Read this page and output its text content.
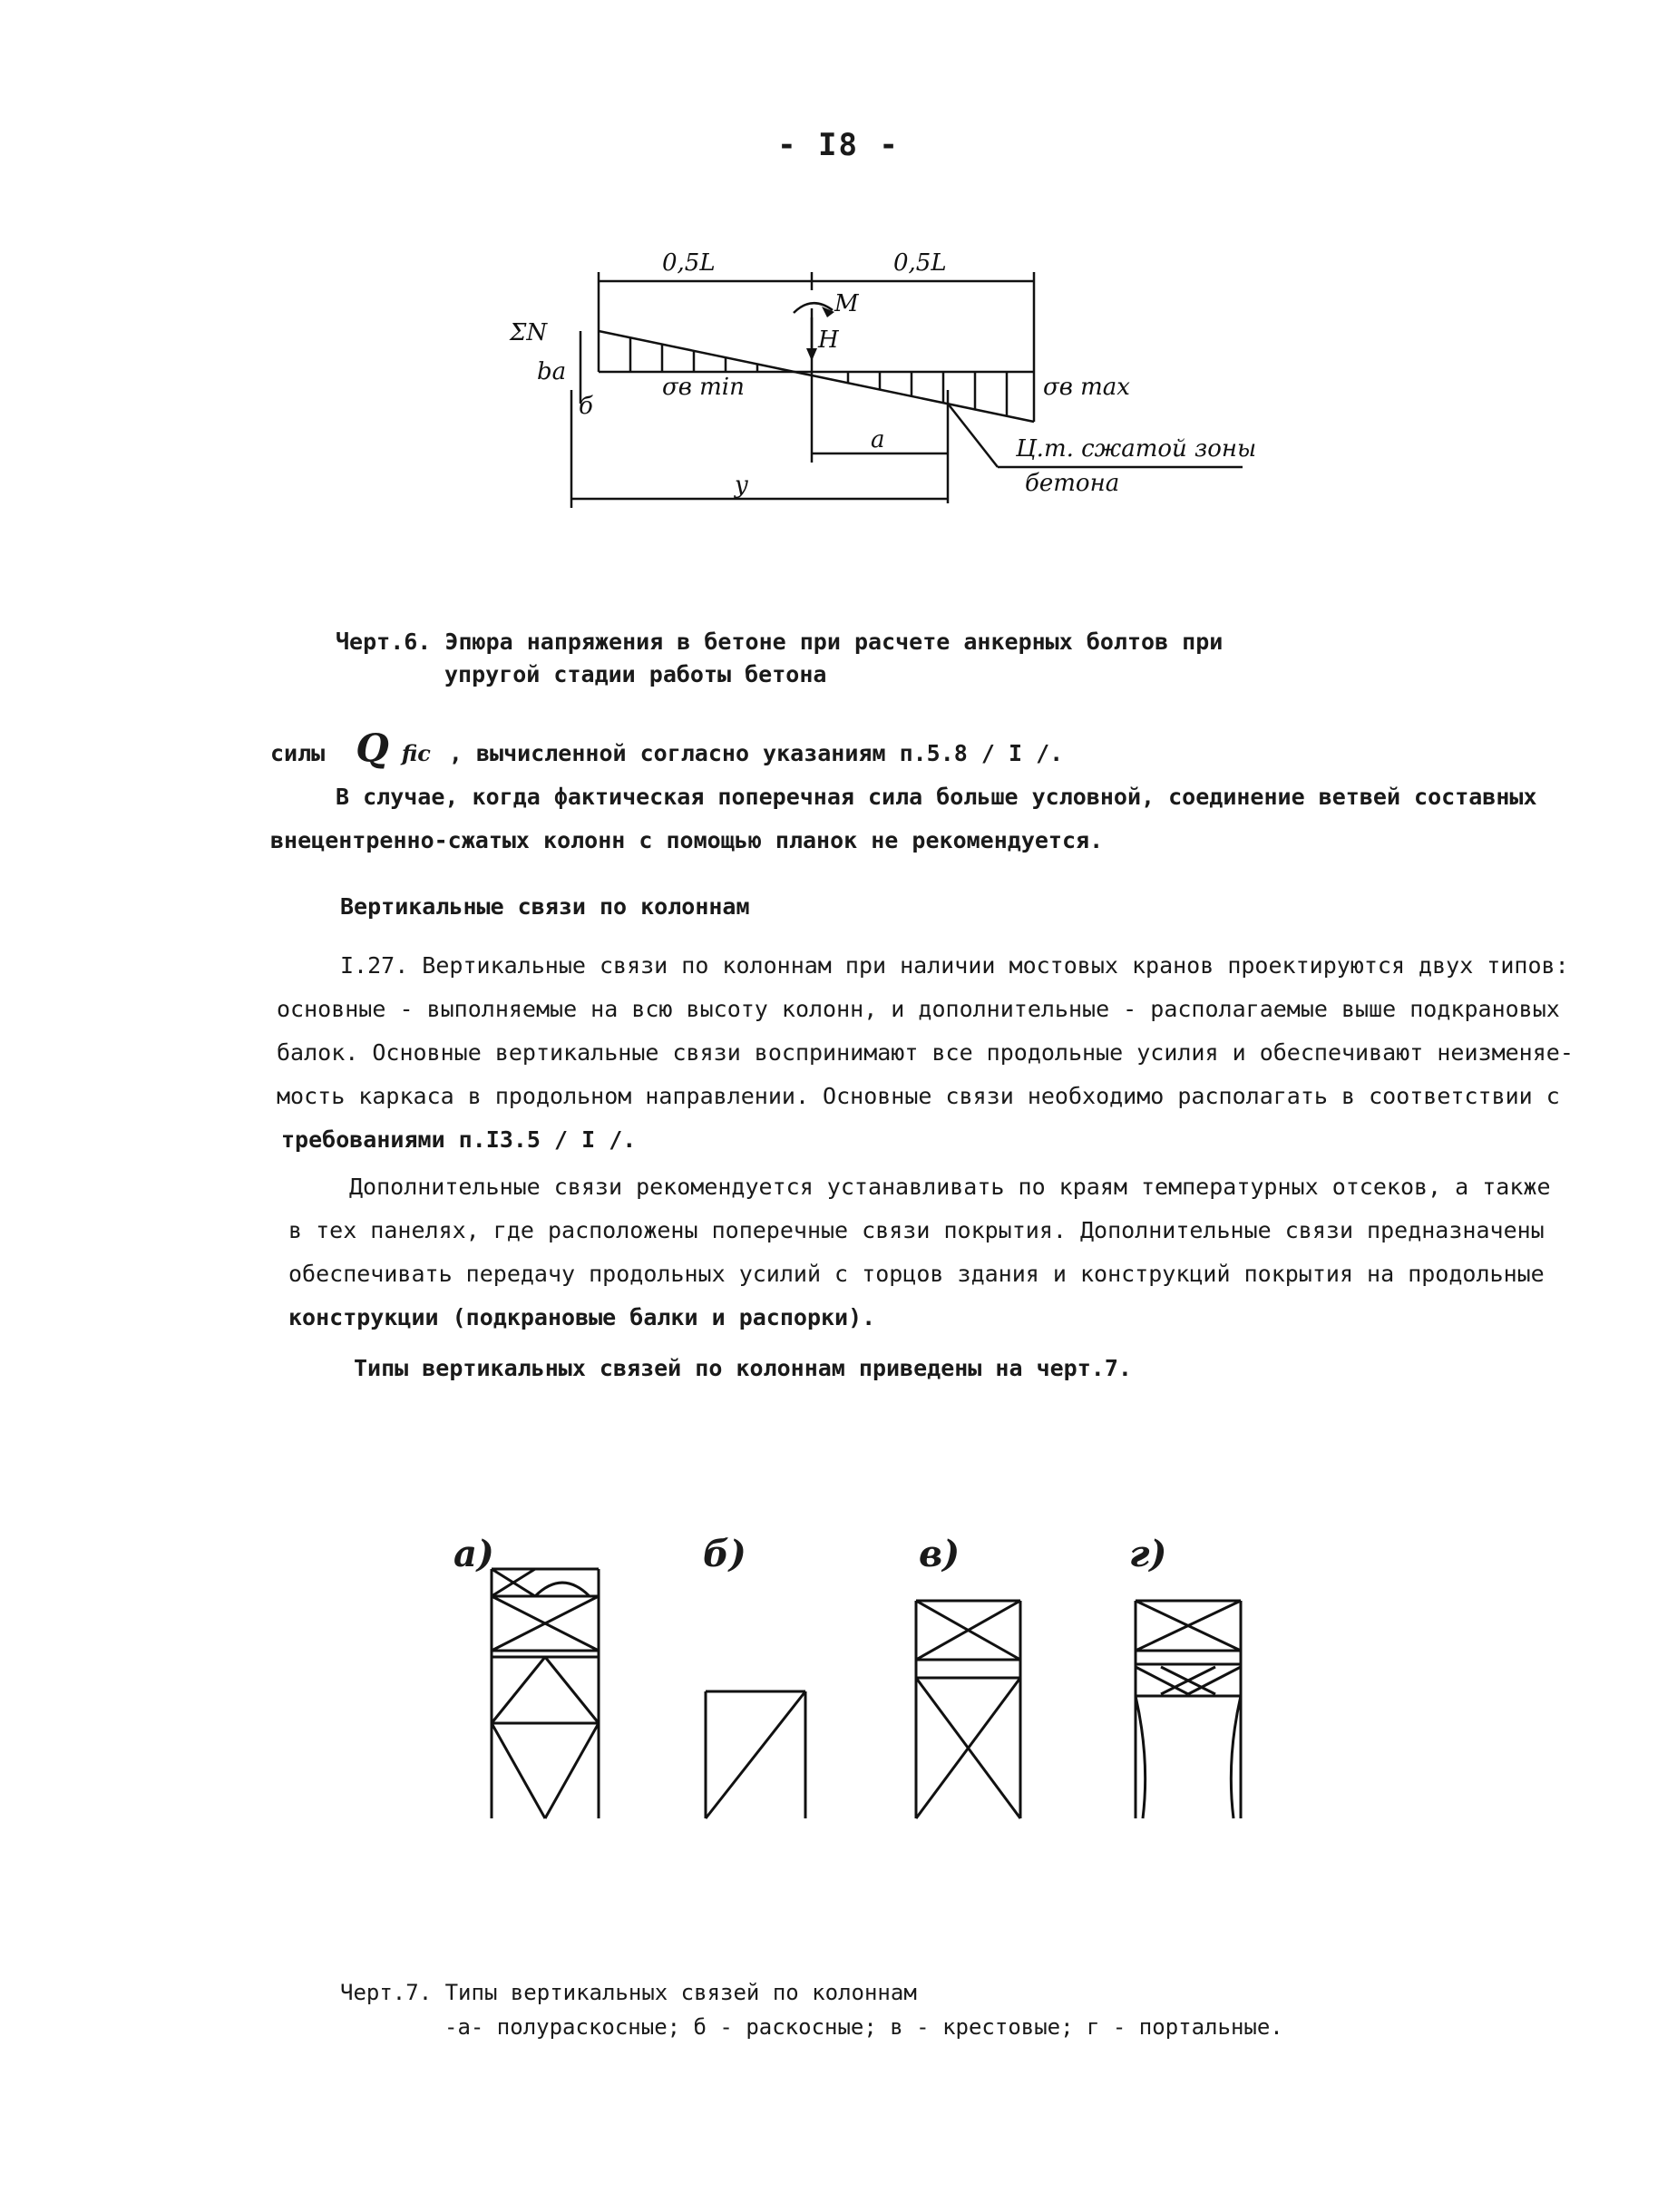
- I8 -
0,5L	0,5L
ΣN
ba
б
M
H
σв min	σв max
a
y
Ц.т. сжатой зоны
бетона
Черт.6. Эпюра напряжения в бетоне при расчете анкерных болтов при
упругой стадии работы бетона
силы Q fic , вычисленной согласно указаниям п.5.8 / I /.
В случае, когда фактическая поперечная сила больше условной, соединение ветвей составных
внецентренно-сжатых колонн с помощью планок не рекомендуется.
Вертикальные связи по колоннам
I.27. Вертикальные связи по колоннам при наличии мостовых кранов проектируются двух типов:
основные - выполняемые на всю высоту колонн, и дополнительные - располагаемые выше подкрановых
балок. Основные вертикальные связи воспринимают все продольные усилия и обеспечивают неизменяе-
мость каркаса в продольном направлении. Основные связи необходимо располагать в соответствии с
требованиями п.I3.5 / I /.
Дополнительные связи рекомендуется устанавливать по краям температурных отсеков, а также
в тех панелях, где расположены поперечные связи покрытия. Дополнительные связи предназначены
обеспечивать передачу продольных усилий с торцов здания и конструкций покрытия на продольные
конструкции (подкрановые балки и распорки).
Типы вертикальных связей по колоннам приведены на черт.7.
а)	б)	в)	г)
Черт.7. Типы вертикальных связей по колоннам
-а- полураскосные; б - раскосные; в - крестовые; г - портальные.
